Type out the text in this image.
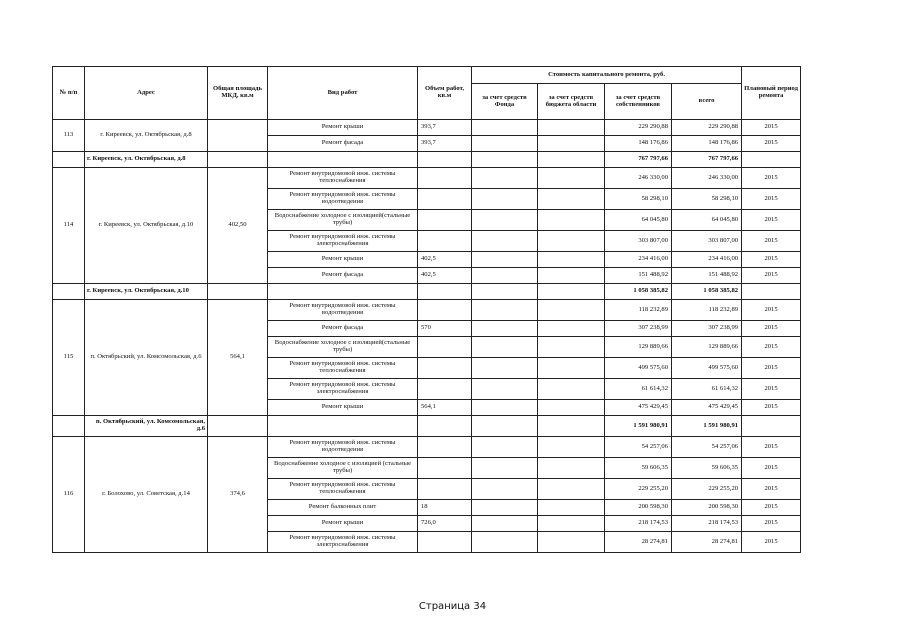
№ п/п	Адрес	Общая площадь МКД, кв.м	Вид работ	Объем работ, кв.м	Стоимость капитального ремонта, руб.				Плановый период ремонта
					за счет средств Фонда	за счет средств бюджета области	за счет средств собственников	всего	
113	г. Киреевск, ул. Октябрьская, д.8		Ремонт крыши	393,7			229 290,88	229 290,88	2015
			Ремонт фасада	393,7			148 176,86	148 176,86	2015
	г. Киреевск, ул. Октябрьская, д.8						767 797,66	767 797,66	
114	г. Киреевск, ул. Октябрьская, д.10	402,50	Ремонт внутридомовой инж. системы теплоснабжения				246 330,00	246 330,00	2015
			Ремонт внутридомовой инж. системы водоотведения				58 298,10	58 298,10	2015
			Водоснабжение холодное с изоляцией(стальные трубы)				64 045,80	64 045,80	2015
			Ремонт внутридомовой инж. системы электроснабжения				303 807,00	303 807,00	2015
			Ремонт крыши	402,5			234 416,00	234 416,00	2015
			Ремонт фасада	402,5			151 488,92	151 488,92	2015
	г. Киреевск, ул. Октябрьская, д.10						1 058 385,82	1 058 385,82	
115	п. Октябрьский, ул. Комсомольская, д.6	564,1	Ремонт внутридомовой инж. системы водоотведения				118 232,89	118 232,89	2015
			Ремонт фасада	570			307 238,99	307 238,99	2015
			Водоснабжение холодное с изоляцией(стальные трубы)				129 889,66	129 889,66	2015
			Ремонт внутридомовой инж. системы теплоснабжения				499 575,60	499 575,60	2015
			Ремонт внутридомовой инж. системы электроснабжения				61 614,32	61 614,32	2015
			Ремонт крыши	564,1			475 429,45	475 429,45	2015
	п. Октябрьский, ул. Комсомольская, д.6						1 591 980,91	1 591 980,91	
116	г. Болохово, ул. Советская, д.14	374,6	Ремонт внутридомовой инж. системы водоотведения				54 257,06	54 257,06	2015
			Водоснабжение холодное с изоляцией (стальные трубы)				59 606,35	59 606,35	2015
			Ремонт внутридомовой инж. системы теплоснабжения				229 255,20	229 255,20	2015
			Ремонт балконных плит	18			200 598,30	200 598,30	2015
			Ремонт крыши	726,0			218 174,53	218 174,53	2015
			Ремонт внутридомовой инж. системы электроснабжения				28 274,81	28 274,81	2015
Страница 34
